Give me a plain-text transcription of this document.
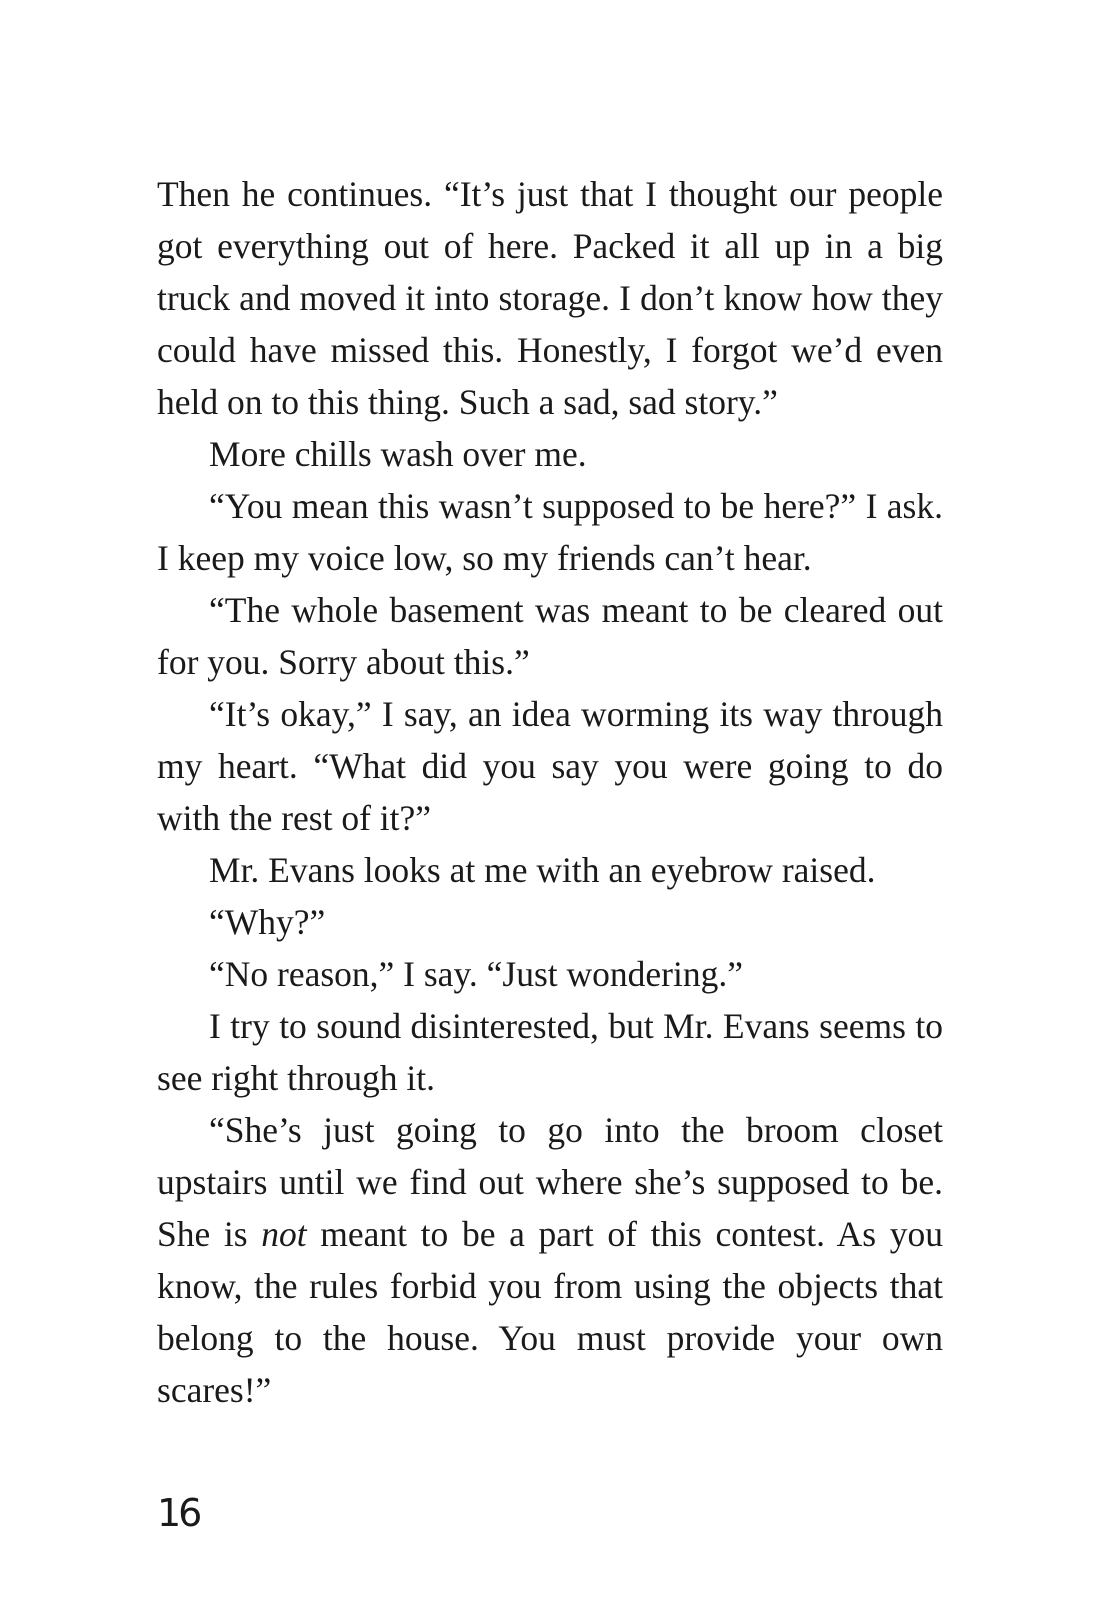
Then he continues. “It’s just that I thought our people got everything out of here. Packed it all up in a big truck and moved it into storage. I don’t know how they could have missed this. Honestly, I forgot we’d even held on to this thing. Such a sad, sad story.”

More chills wash over me.

“You mean this wasn’t supposed to be here?” I ask. I keep my voice low, so my friends can’t hear.

“The whole basement was meant to be cleared out for you. Sorry about this.”

“It’s okay,” I say, an idea worming its way through my heart. “What did you say you were going to do with the rest of it?”

Mr. Evans looks at me with an eyebrow raised.

“Why?”

“No reason,” I say. “Just wondering.”

I try to sound disinterested, but Mr. Evans seems to see right through it.

“She’s just going to go into the broom closet upstairs until we find out where she’s supposed to be. She is not meant to be a part of this contest. As you know, the rules forbid you from using the objects that belong to the house. You must provide your own scares!”

16
